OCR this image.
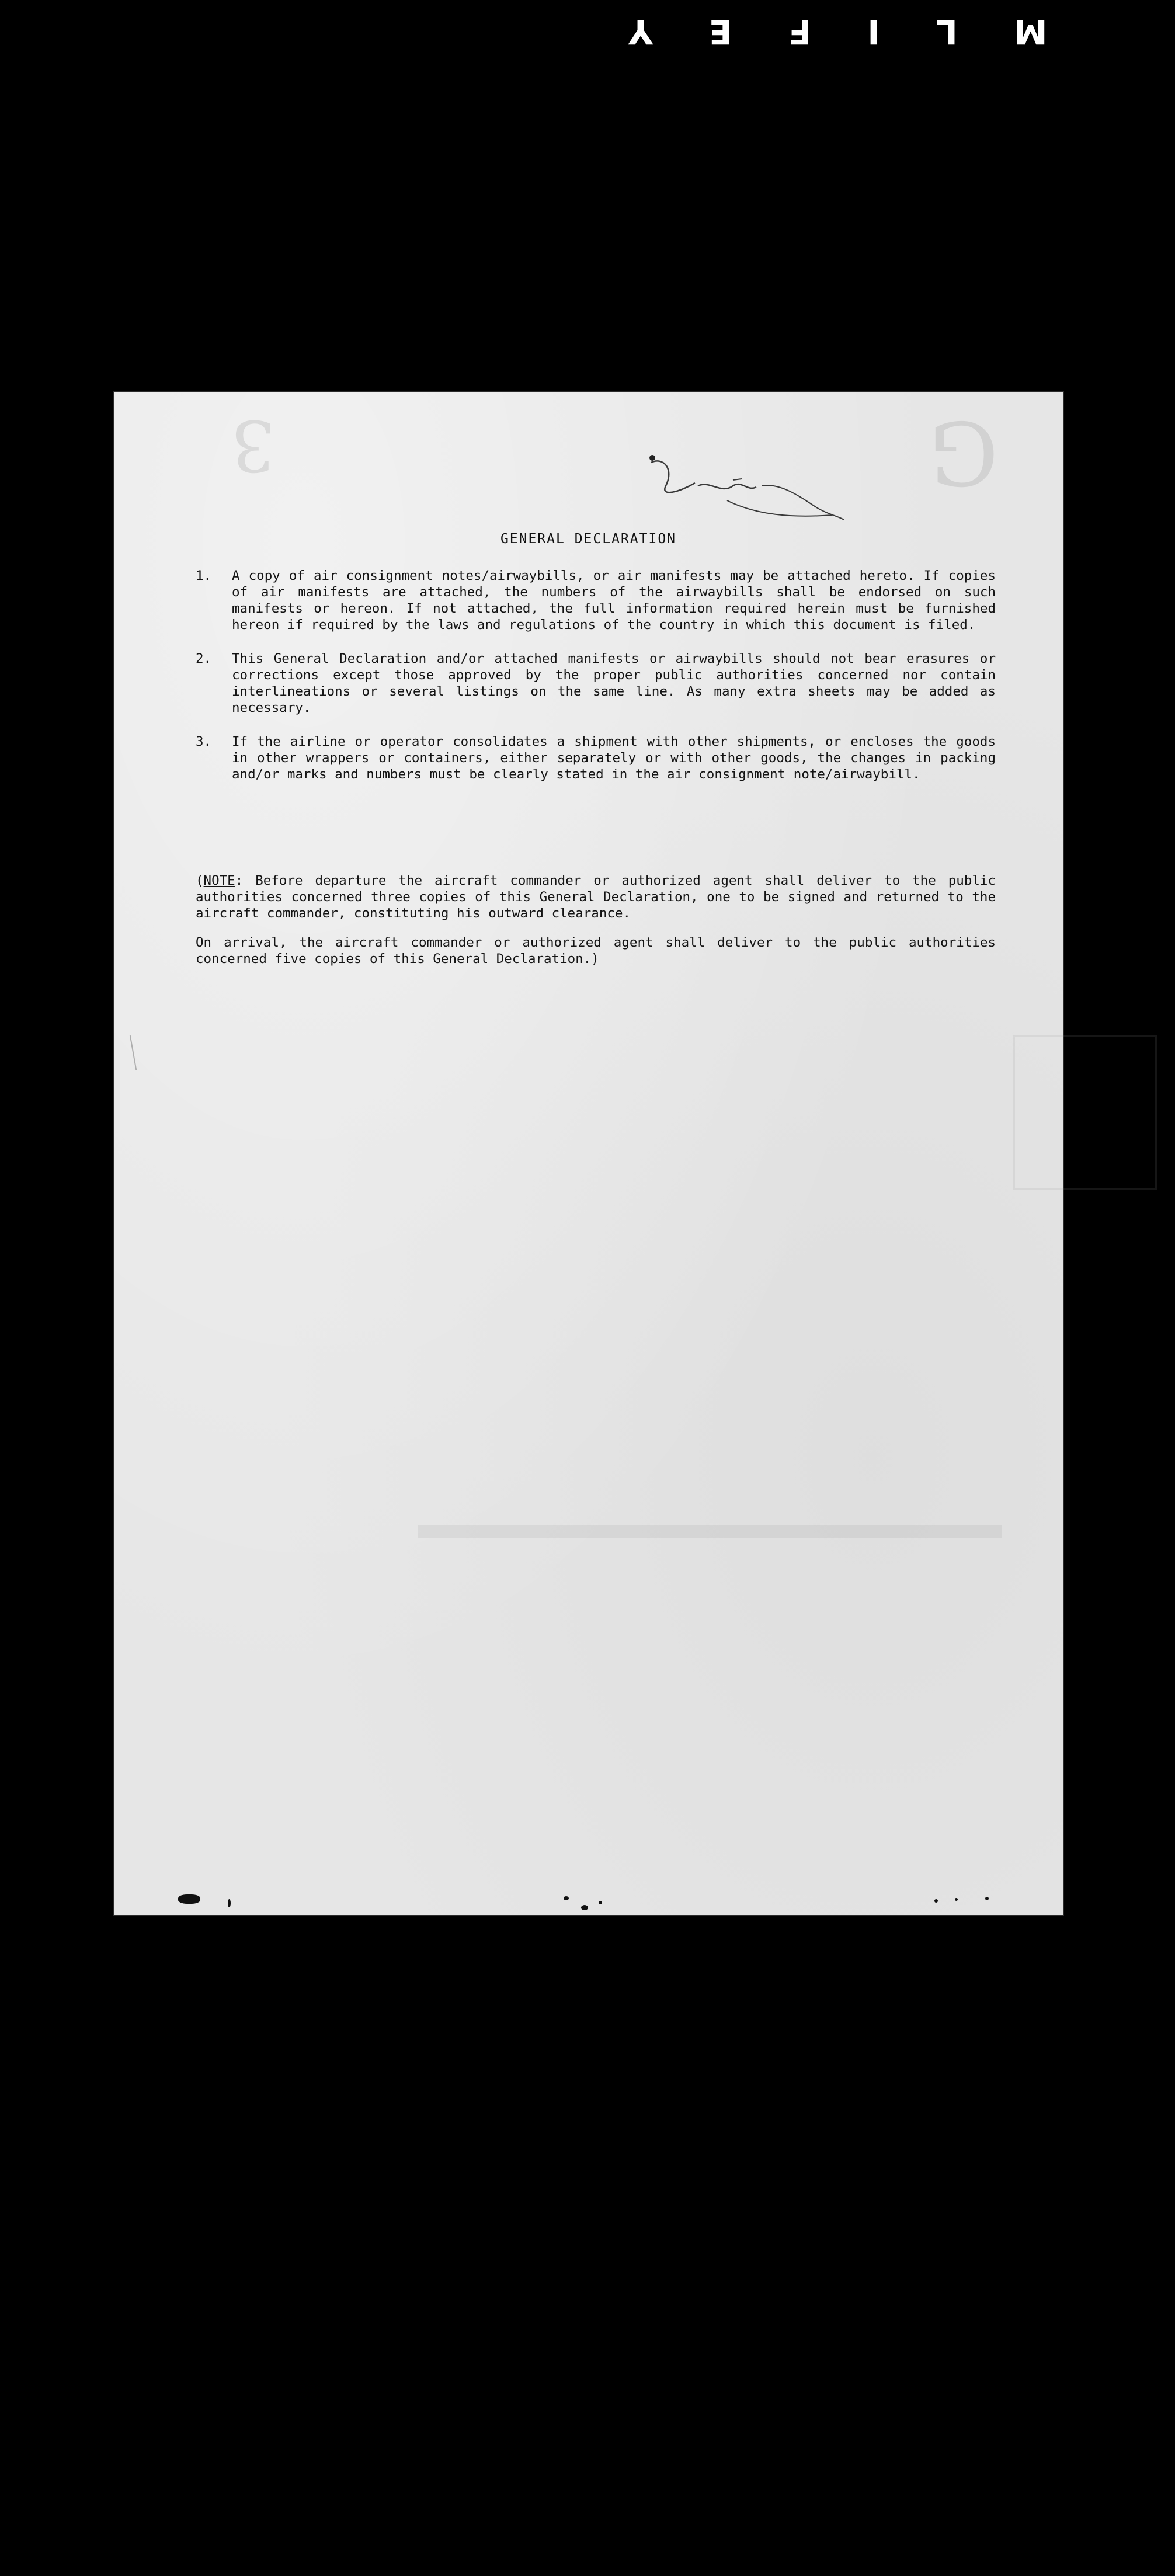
MLIFEY
G
3
GENERAL DECLARATION
1.	A copy of air consignment notes/airwaybills, or air manifests may be attached hereto. If copies of air manifests are attached, the numbers of the airwaybills shall be endorsed on such manifests or hereon. If not attached, the full information required herein must be furnished hereon if required by the laws and regulations of the country in which this document is filed.
2.	This General Declaration and/or attached manifests or airwaybills should not bear erasures or corrections except those approved by the proper public authorities concerned nor contain interlineations or several listings on the same line. As many extra sheets may be added as necessary.
3.	If the airline or operator consolidates a shipment with other shipments, or encloses the goods in other wrappers or containers, either separately or with other goods, the changes in packing and/or marks and numbers must be clearly stated in the air consignment note/airwaybill.

(NOTE: Before departure the aircraft commander or authorized agent shall deliver to the public authorities concerned three copies of this General Declaration, one to be signed and returned to the aircraft commander, constituting his outward clearance.

On arrival, the aircraft commander or authorized agent shall deliver to the public authorities concerned five copies of this General Declaration.)
